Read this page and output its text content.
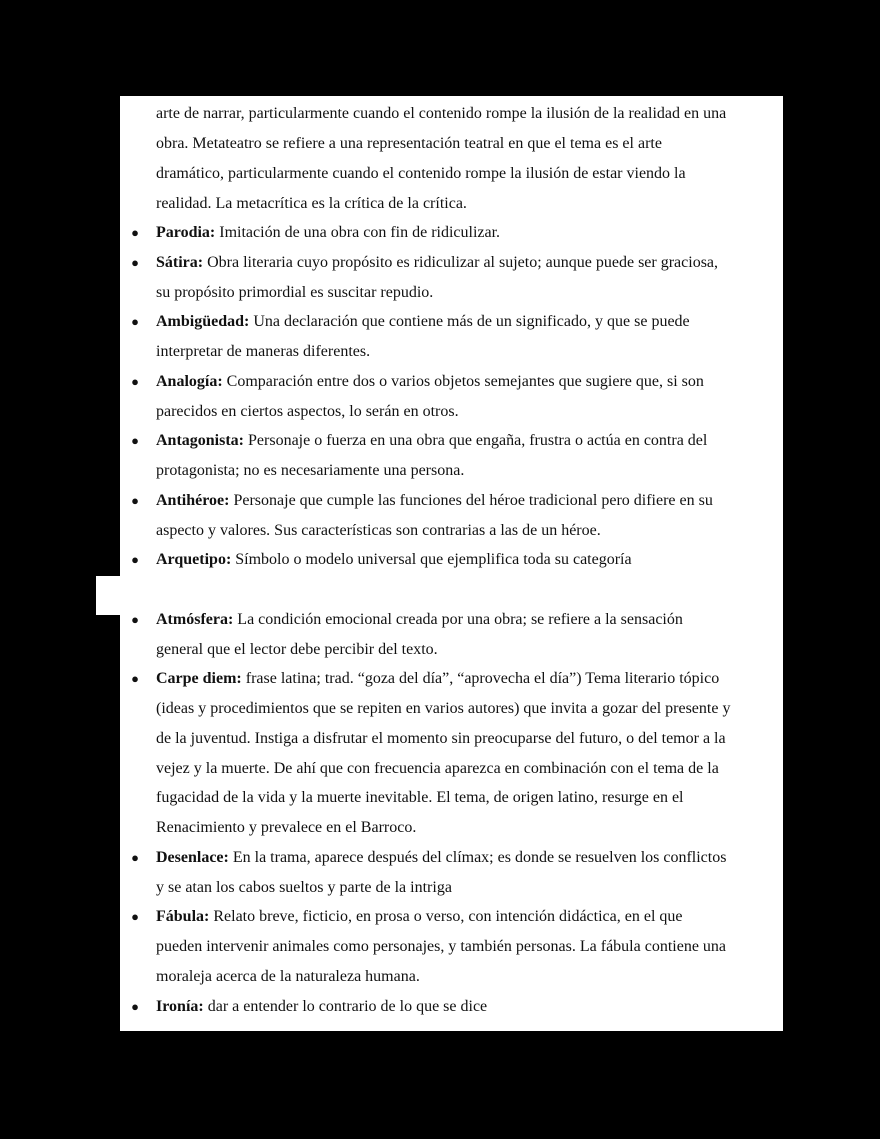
arte de narrar, particularmente cuando el contenido rompe la ilusión de la realidad en una
obra. Metateatro se refiere a una representación teatral en que el tema es el arte
dramático, particularmente cuando el contenido rompe la ilusión de estar viendo la
realidad. La metacrítica es la crítica de la crítica.
● Parodia: Imitación de una obra con fin de ridiculizar.
● Sátira: Obra literaria cuyo propósito es ridiculizar al sujeto; aunque puede ser graciosa,
su propósito primordial es suscitar repudio.
● Ambigüedad: Una declaración que contiene más de un significado, y que se puede
interpretar de maneras diferentes.
● Analogía: Comparación entre dos o varios objetos semejantes que sugiere que, si son
parecidos en ciertos aspectos, lo serán en otros.
● Antagonista: Personaje o fuerza en una obra que engaña, frustra o actúa en contra del
protagonista; no es necesariamente una persona.
● Antihéroe: Personaje que cumple las funciones del héroe tradicional pero difiere en su
aspecto y valores. Sus características son contrarias a las de un héroe.
● Arquetipo: Símbolo o modelo universal que ejemplifica toda su categoría
● Atmósfera: La condición emocional creada por una obra; se refiere a la sensación
general que el lector debe percibir del texto.
● Carpe diem: frase latina; trad. “goza del día”, “aprovecha el día”) Tema literario tópico
(ideas y procedimientos que se repiten en varios autores) que invita a gozar del presente y
de la juventud. Instiga a disfrutar el momento sin preocuparse del futuro, o del temor a la
vejez y la muerte. De ahí que con frecuencia aparezca en combinación con el tema de la
fugacidad de la vida y la muerte inevitable. El tema, de origen latino, resurge en el
Renacimiento y prevalece en el Barroco.
● Desenlace: En la trama, aparece después del clímax; es donde se resuelven los conflictos
y se atan los cabos sueltos y parte de la intriga
● Fábula: Relato breve, ficticio, en prosa o verso, con intención didáctica, en el que
pueden intervenir animales como personajes, y también personas. La fábula contiene una
moraleja acerca de la naturaleza humana.
● Ironía: dar a entender lo contrario de lo que se dice
